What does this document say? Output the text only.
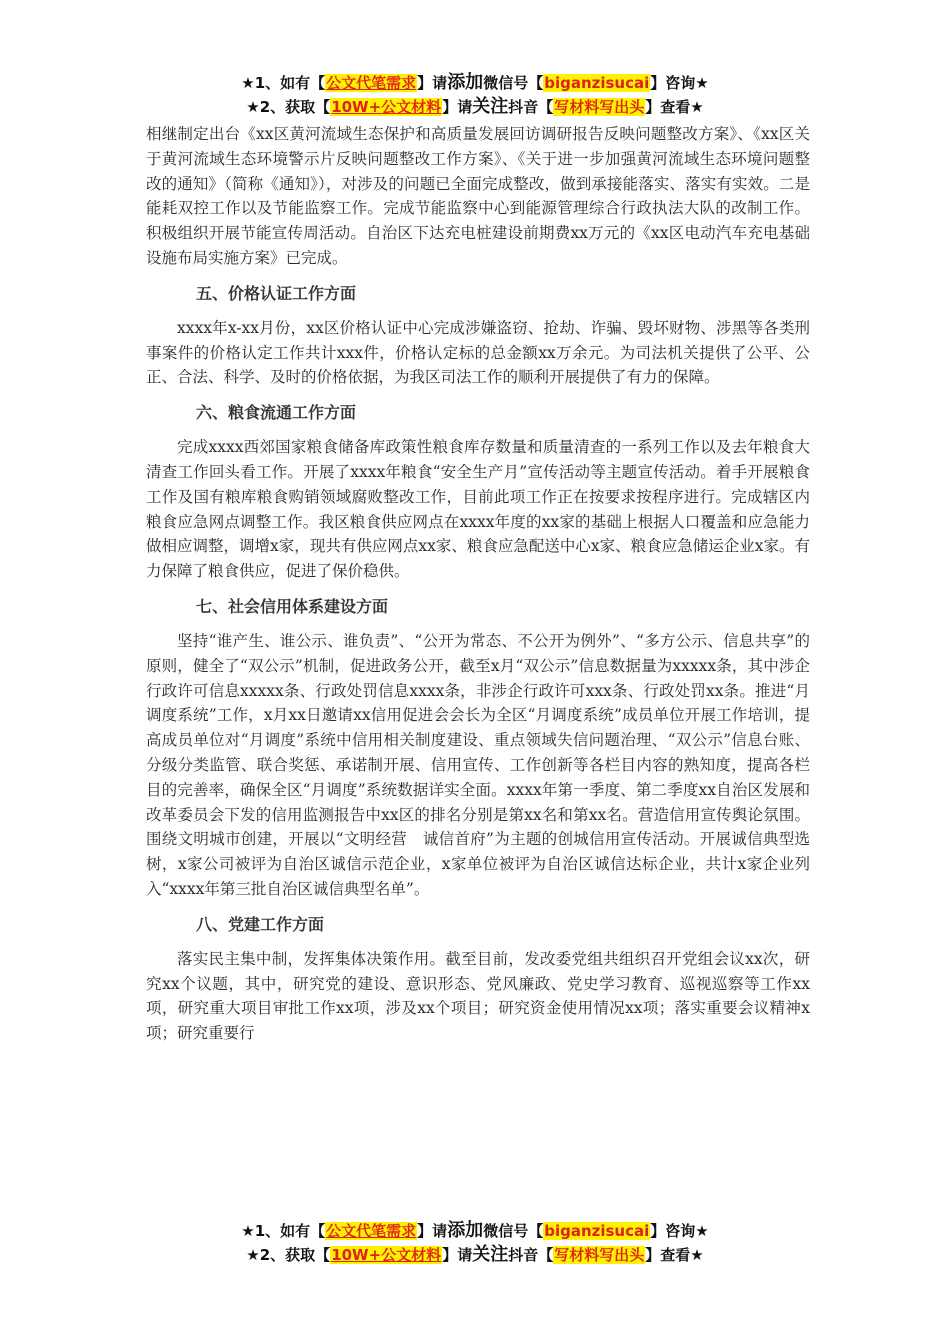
★1、如有【公文代笔需求】请添加微信号【biganzisucai】咨询★
★2、获取【10W+公文材料】请关注抖音【写材料写出头】查看★

相继制定出台《xx区黄河流域生态保护和高质量发展回访调研报告反映问题整改方案》、《xx区关于黄河流域生态环境警示片反映问题整改工作方案》、《关于进一步加强黄河流域生态环境问题整改的通知》（简称《通知》），对涉及的问题已全面完成整改，做到承接能落实、落实有实效。二是能耗双控工作以及节能监察工作。完成节能监察中心到能源管理综合行政执法大队的改制工作。积极组织开展节能宣传周活动。自治区下达充电桩建设前期费xx万元的《xx区电动汽车充电基础设施布局实施方案》已完成。

五、价格认证工作方面

xxxx年x-xx月份，xx区价格认证中心完成涉嫌盗窃、抢劫、诈骗、毁坏财物、涉黑等各类刑事案件的价格认定工作共计xxx件，价格认定标的总金额xx万余元。为司法机关提供了公平、公正、合法、科学、及时的价格依据，为我区司法工作的顺利开展提供了有力的保障。

六、粮食流通工作方面

完成xxxx西郊国家粮食储备库政策性粮食库存数量和质量清查的一系列工作以及去年粮食大清查工作回头看工作。开展了xxxx年粮食“安全生产月”宣传活动等主题宣传活动。着手开展粮食工作及国有粮库粮食购销领域腐败整改工作，目前此项工作正在按要求按程序进行。完成辖区内粮食应急网点调整工作。我区粮食供应网点在xxxx年度的xx家的基础上根据人口覆盖和应急能力做相应调整，调增x家，现共有供应网点xx家、粮食应急配送中心x家、粮食应急储运企业x家。有力保障了粮食供应，促进了保价稳供。

七、社会信用体系建设方面

坚持“谁产生、谁公示、谁负责”、“公开为常态、不公开为例外”、“多方公示、信息共享”的原则，健全了“双公示”机制，促进政务公开，截至x月“双公示”信息数据量为xxxxx条，其中涉企行政许可信息xxxxx条、行政处罚信息xxxx条，非涉企行政许可xxx条、行政处罚xx条。推进“月调度系统”工作，x月xx日邀请xx信用促进会会长为全区“月调度系统”成员单位开展工作培训，提高成员单位对“月调度”系统中信用相关制度建设、重点领域失信问题治理、“双公示”信息台账、分级分类监管、联合奖惩、承诺制开展、信用宣传、工作创新等各栏目内容的熟知度，提高各栏目的完善率，确保全区“月调度”系统数据详实全面。xxxx年第一季度、第二季度xx自治区发展和改革委员会下发的信用监测报告中xx区的排名分别是第xx名和第xx名。营造信用宣传舆论氛围。围绕文明城市创建，开展以“文明经营　诚信首府”为主题的创城信用宣传活动。开展诚信典型选树，x家公司被评为自治区诚信示范企业，x家单位被评为自治区诚信达标企业，共计x家企业列入“xxxx年第三批自治区诚信典型名单”。

八、党建工作方面

落实民主集中制，发挥集体决策作用。截至目前，发改委党组共组织召开党组会议xx次，研究xx个议题，其中，研究党的建设、意识形态、党风廉政、党史学习教育、巡视巡察等工作xx项，研究重大项目审批工作xx项，涉及xx个项目；研究资金使用情况xx项；落实重要会议精神x项；研究重要行

★1、如有【公文代笔需求】请添加微信号【biganzisucai】咨询★
★2、获取【10W+公文材料】请关注抖音【写材料写出头】查看★
